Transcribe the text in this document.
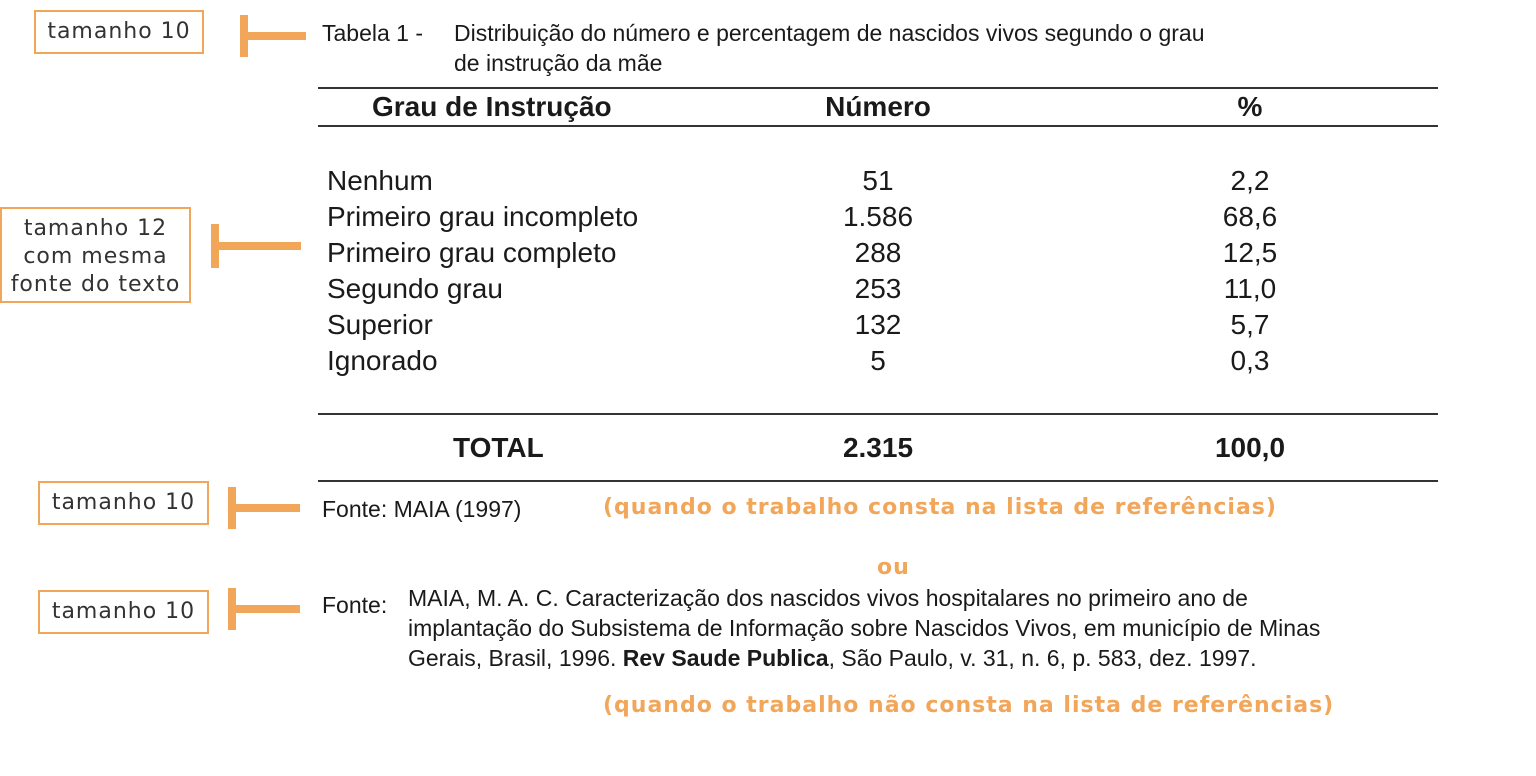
tamanho 10	Tabela 1 - Distribuição do número e percentagem de nascidos vivos segundo o grau
de instrução da mãe
tamanho 12
com mesma
fonte do texto
Grau de Instrução	Número	%
Nenhum	51	2,2
Primeiro grau incompleto	1.586	68,6
Primeiro grau completo	288	12,5
Segundo grau	253	11,0
Superior	132	5,7
Ignorado	5	0,3
TOTAL	2.315	100,0
tamanho 10	Fonte: MAIA (1997)	(quando o trabalho consta na lista de referências)
ou
tamanho 10	Fonte: MAIA, M. A. C. Caracterização dos nascidos vivos hospitalares no primeiro ano de
implantação do Subsistema de Informação sobre Nascidos Vivos, em município de Minas
Gerais, Brasil, 1996. Rev Saude Publica, São Paulo, v. 31, n. 6, p. 583, dez. 1997.
(quando o trabalho não consta na lista de referências)
